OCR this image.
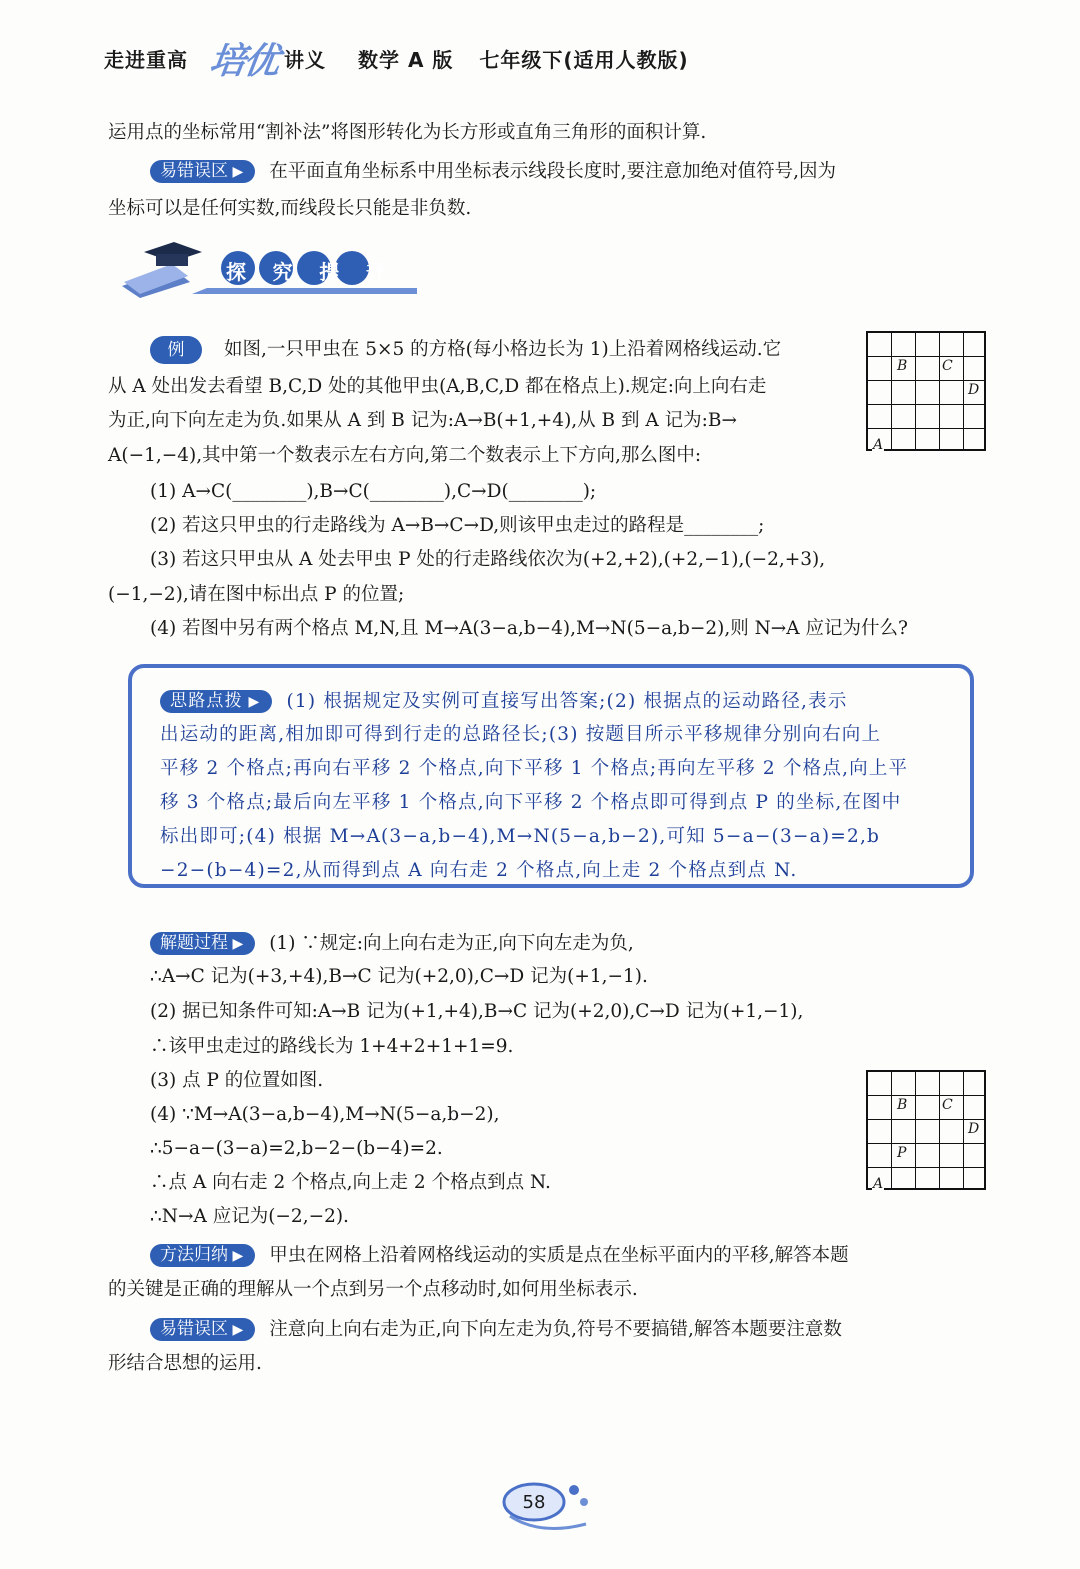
走进重高 培优 讲义 数学 A 版 七年级下(适用人教版)
运用点的坐标常用“割补法”将图形转化为长方形或直角三角形的面积计算.
易错误区 ▶ 在平面直角坐标系中用坐标表示线段长度时,要注意加绝对值符号,因为
坐标可以是任何实数,而线段长只能是非负数.
探 究 提 升
例 如图,一只甲虫在 5×5 的方格(每小格边长为 1)上沿着网格线运动.它
从 A 处出发去看望 B,C,D 处的其他甲虫(A,B,C,D 都在格点上).规定:向上向右走
为正,向下向左走为负.如果从 A 到 B 记为:A→B(+1,+4),从 B 到 A 记为:B→
A(−1,−4),其中第一个数表示左右方向,第二个数表示上下方向,那么图中:
(1) A→C(________),B→C(________),C→D(________);
(2) 若这只甲虫的行走路线为 A→B→C→D,则该甲虫走过的路程是________;
(3) 若这只甲虫从 A 处去甲虫 P 处的行走路线依次为(+2,+2),(+2,−1),(−2,+3),
(−1,−2),请在图中标出点 P 的位置;
(4) 若图中另有两个格点 M,N,且 M→A(3−a,b−4),M→N(5−a,b−2),则 N→A 应记为什么?
A
B C
D
思路点拨 ▶ (1) 根据规定及实例可直接写出答案;(2) 根据点的运动路径,表示
出运动的距离,相加即可得到行走的总路径长;(3) 按题目所示平移规律分别向右向上
平移 2 个格点;再向右平移 2 个格点,向下平移 1 个格点;再向左平移 2 个格点,向上平
移 3 个格点;最后向左平移 1 个格点,向下平移 2 个格点即可得到点 P 的坐标,在图中
标出即可;(4) 根据 M→A(3−a,b−4),M→N(5−a,b−2),可知 5−a−(3−a)=2,b
−2−(b−4)=2,从而得到点 A 向右走 2 个格点,向上走 2 个格点到点 N.
解题过程 ▶ (1) ∵规定:向上向右走为正,向下向左走为负,
∴A→C 记为(+3,+4),B→C 记为(+2,0),C→D 记为(+1,−1).
(2) 据已知条件可知:A→B 记为(+1,+4),B→C 记为(+2,0),C→D 记为(+1,−1),
∴该甲虫走过的路线长为 1+4+2+1+1=9.
(3) 点 P 的位置如图.
(4) ∵M→A(3−a,b−4),M→N(5−a,b−2),
∴5−a−(3−a)=2,b−2−(b−4)=2.
∴点 A 向右走 2 个格点,向上走 2 个格点到点 N.
∴N→A 应记为(−2,−2).
A
B C
D
P
方法归纳 ▶ 甲虫在网格上沿着网格线运动的实质是点在坐标平面内的平移,解答本题
的关键是正确的理解从一个点到另一个点移动时,如何用坐标表示.
易错误区 ▶ 注意向上向右走为正,向下向左走为负,符号不要搞错,解答本题要注意数
形结合思想的运用.
58
